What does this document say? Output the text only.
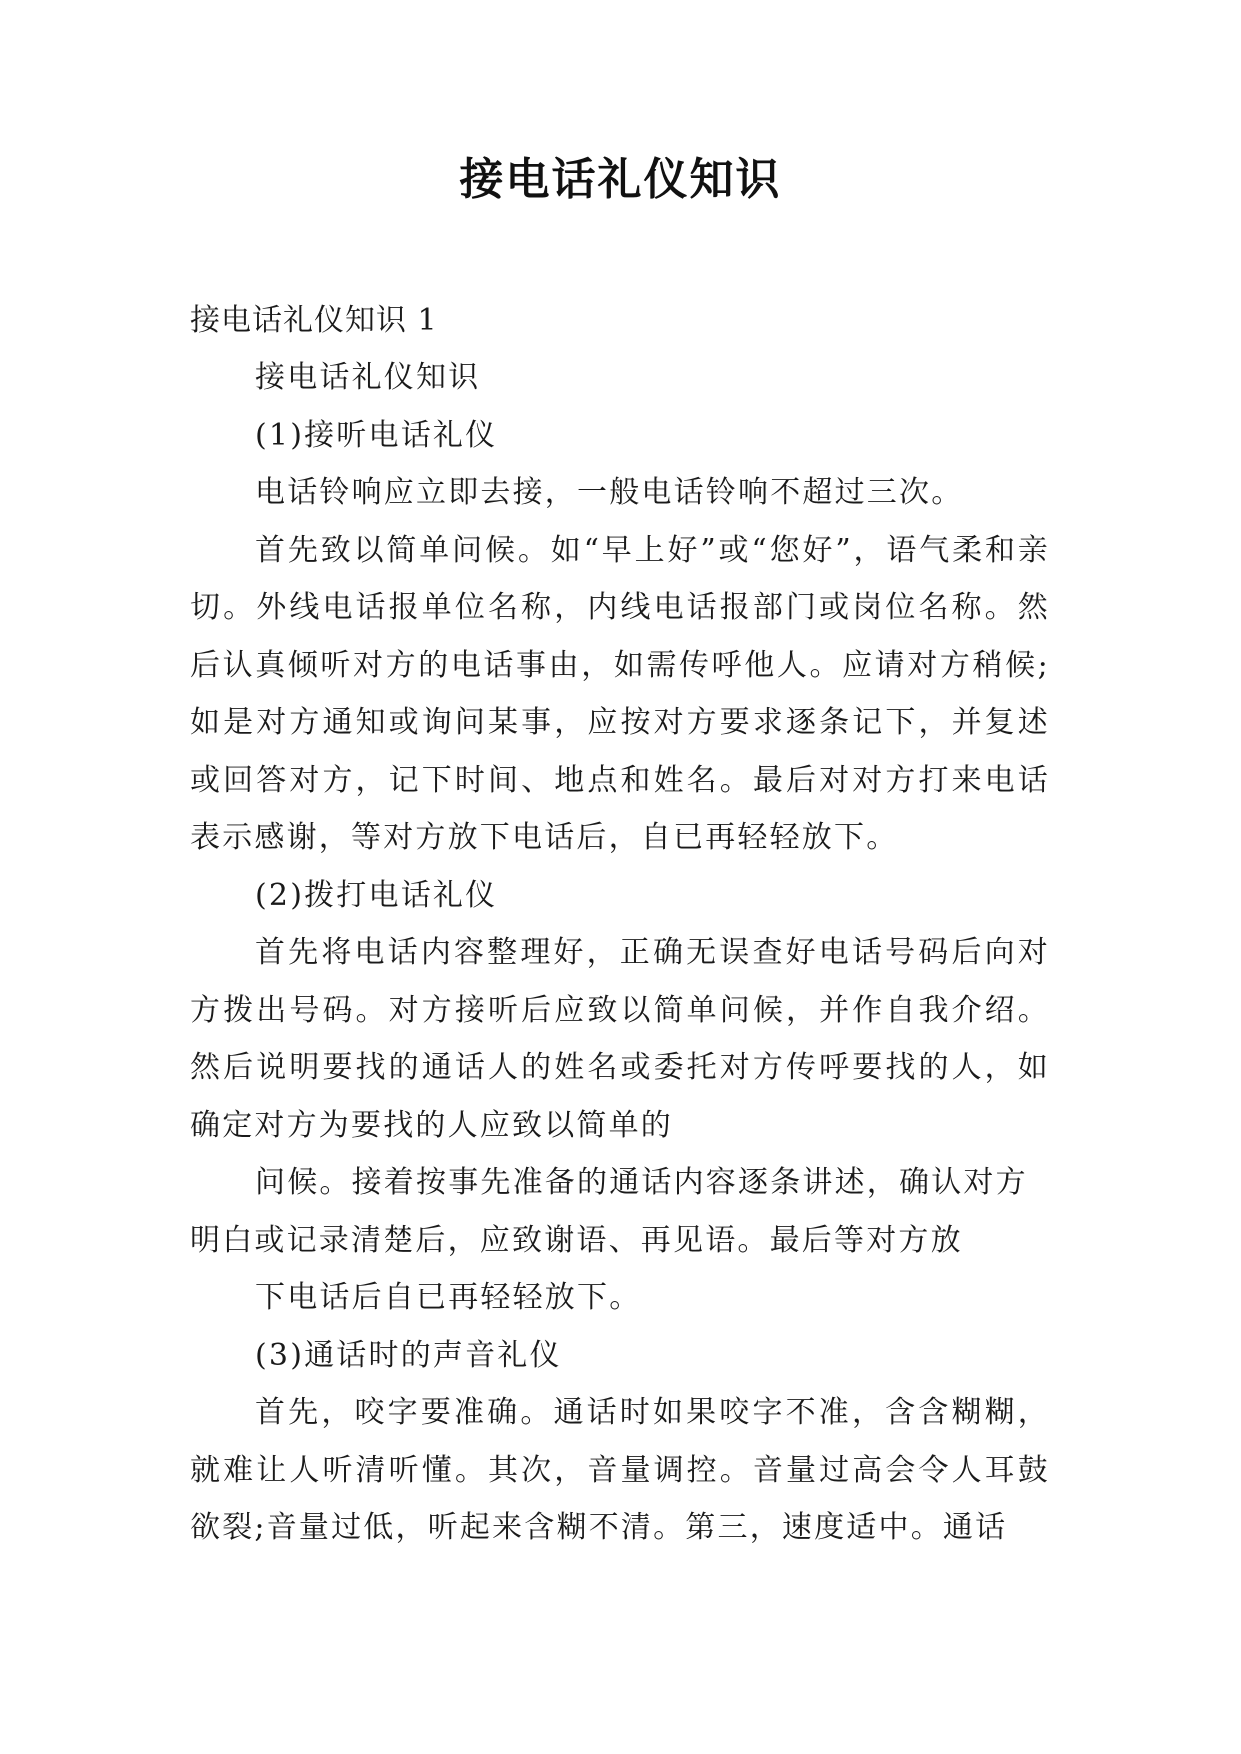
接电话礼仪知识

接电话礼仪知识 1

接电话礼仪知识

(1)接听电话礼仪

电话铃响应立即去接，一般电话铃响不超过三次。

首先致以简单问候。如“早上好”或“您好”，语气柔和亲切。外线电话报单位名称，内线电话报部门或岗位名称。然后认真倾听对方的电话事由，如需传呼他人。应请对方稍候;如是对方通知或询问某事，应按对方要求逐条记下，并复述或回答对方，记下时间、地点和姓名。最后对对方打来电话表示感谢，等对方放下电话后，自已再轻轻放下。

(2)拨打电话礼仪

首先将电话内容整理好，正确无误查好电话号码后向对方拨出号码。对方接听后应致以简单问候，并作自我介绍。然后说明要找的通话人的姓名或委托对方传呼要找的人，如确定对方为要找的人应致以简单的

问候。接着按事先准备的通话内容逐条讲述，确认对方明白或记录清楚后，应致谢语、再见语。最后等对方放

下电话后自已再轻轻放下。

(3)通话时的声音礼仪

首先，咬字要准确。通话时如果咬字不准，含含糊糊，就难让人听清听懂。其次，音量调控。音量过高会令人耳鼓欲裂;音量过低，听起来含糊不清。第三，速度适中。通话
